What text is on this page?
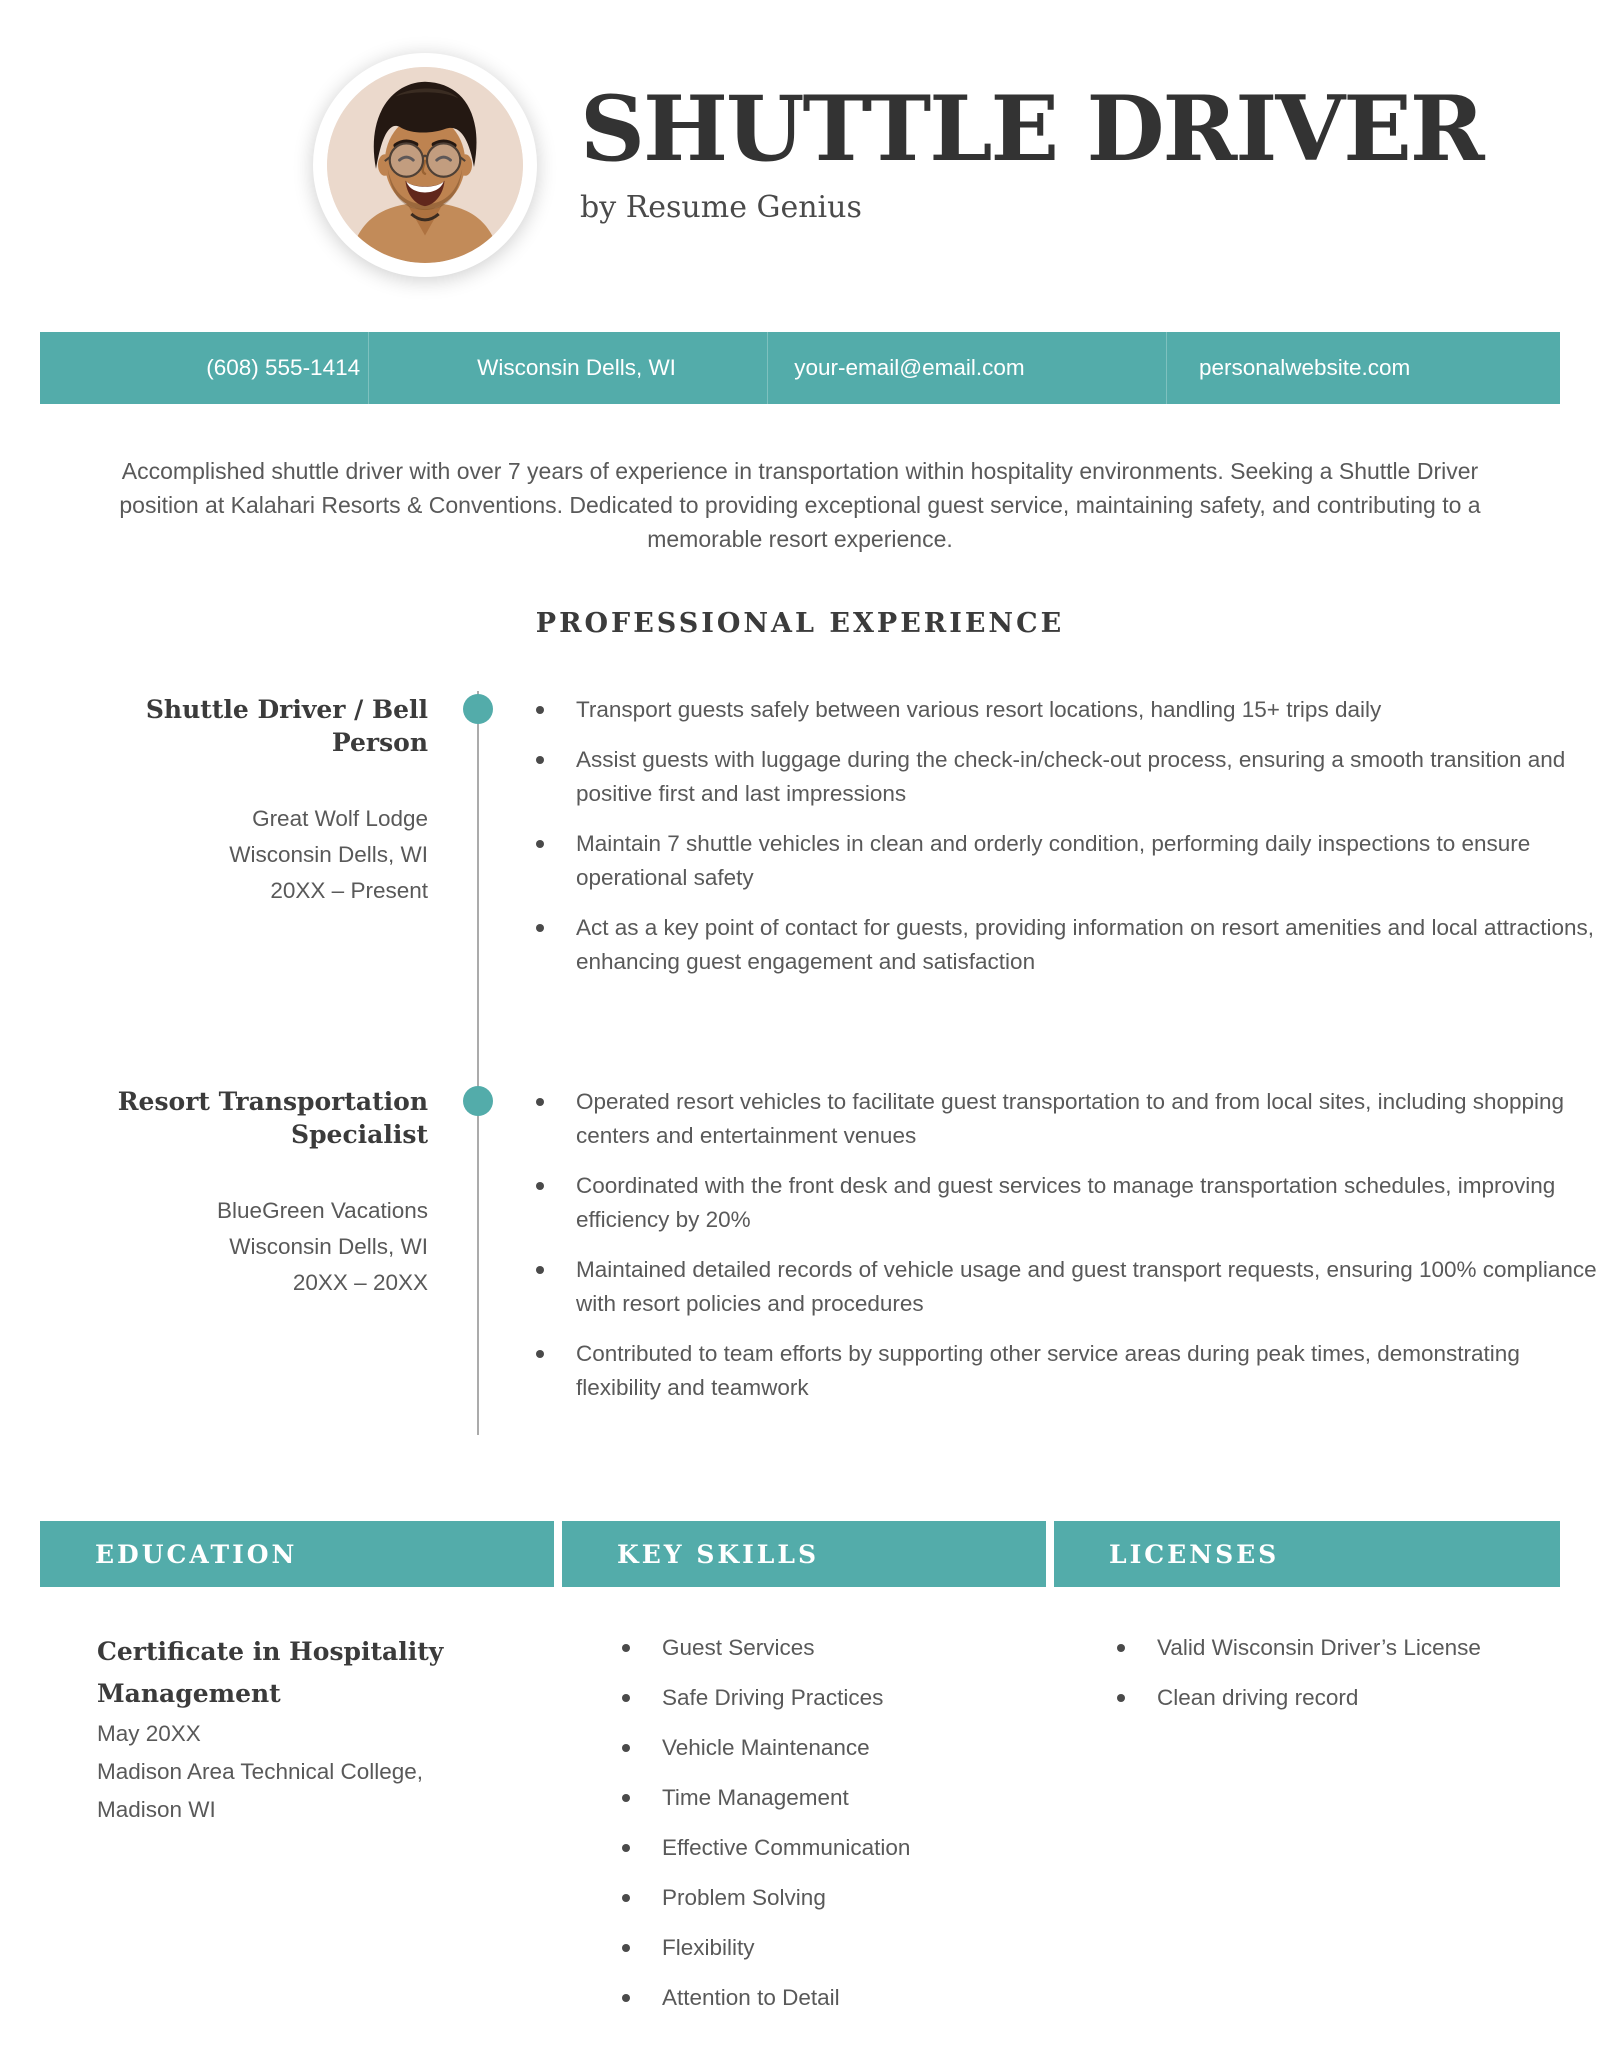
SHUTTLE DRIVER
by Resume Genius
(608) 555-1414	Wisconsin Dells, WI	your-email@email.com	personalwebsite.com

Accomplished shuttle driver with over 7 years of experience in transportation within hospitality environments. Seeking a Shuttle Driver position at Kalahari Resorts & Conventions. Dedicated to providing exceptional guest service, maintaining safety, and contributing to a memorable resort experience.

PROFESSIONAL EXPERIENCE
Shuttle Driver / Bell Person
Great Wolf Lodge
Wisconsin Dells, WI
20XX – Present
Transport guests safely between various resort locations, handling 15+ trips daily
Assist guests with luggage during the check-in/check-out process, ensuring a smooth transition and positive first and last impressions
Maintain 7 shuttle vehicles in clean and orderly condition, performing daily inspections to ensure operational safety
Act as a key point of contact for guests, providing information on resort amenities and local attractions, enhancing guest engagement and satisfaction
Resort Transportation Specialist
BlueGreen Vacations
Wisconsin Dells, WI
20XX – 20XX
Operated resort vehicles to facilitate guest transportation to and from local sites, including shopping centers and entertainment venues
Coordinated with the front desk and guest services to manage transportation schedules, improving efficiency by 20%
Maintained detailed records of vehicle usage and guest transport requests, ensuring 100% compliance with resort policies and procedures
Contributed to team efforts by supporting other service areas during peak times, demonstrating flexibility and teamwork
EDUCATION
Certificate in Hospitality Management
May 20XX
Madison Area Technical College,
Madison WI
KEY SKILLS
Guest Services
Safe Driving Practices
Vehicle Maintenance
Time Management
Effective Communication
Problem Solving
Flexibility
Attention to Detail
LICENSES
Valid Wisconsin Driver’s License
Clean driving record
